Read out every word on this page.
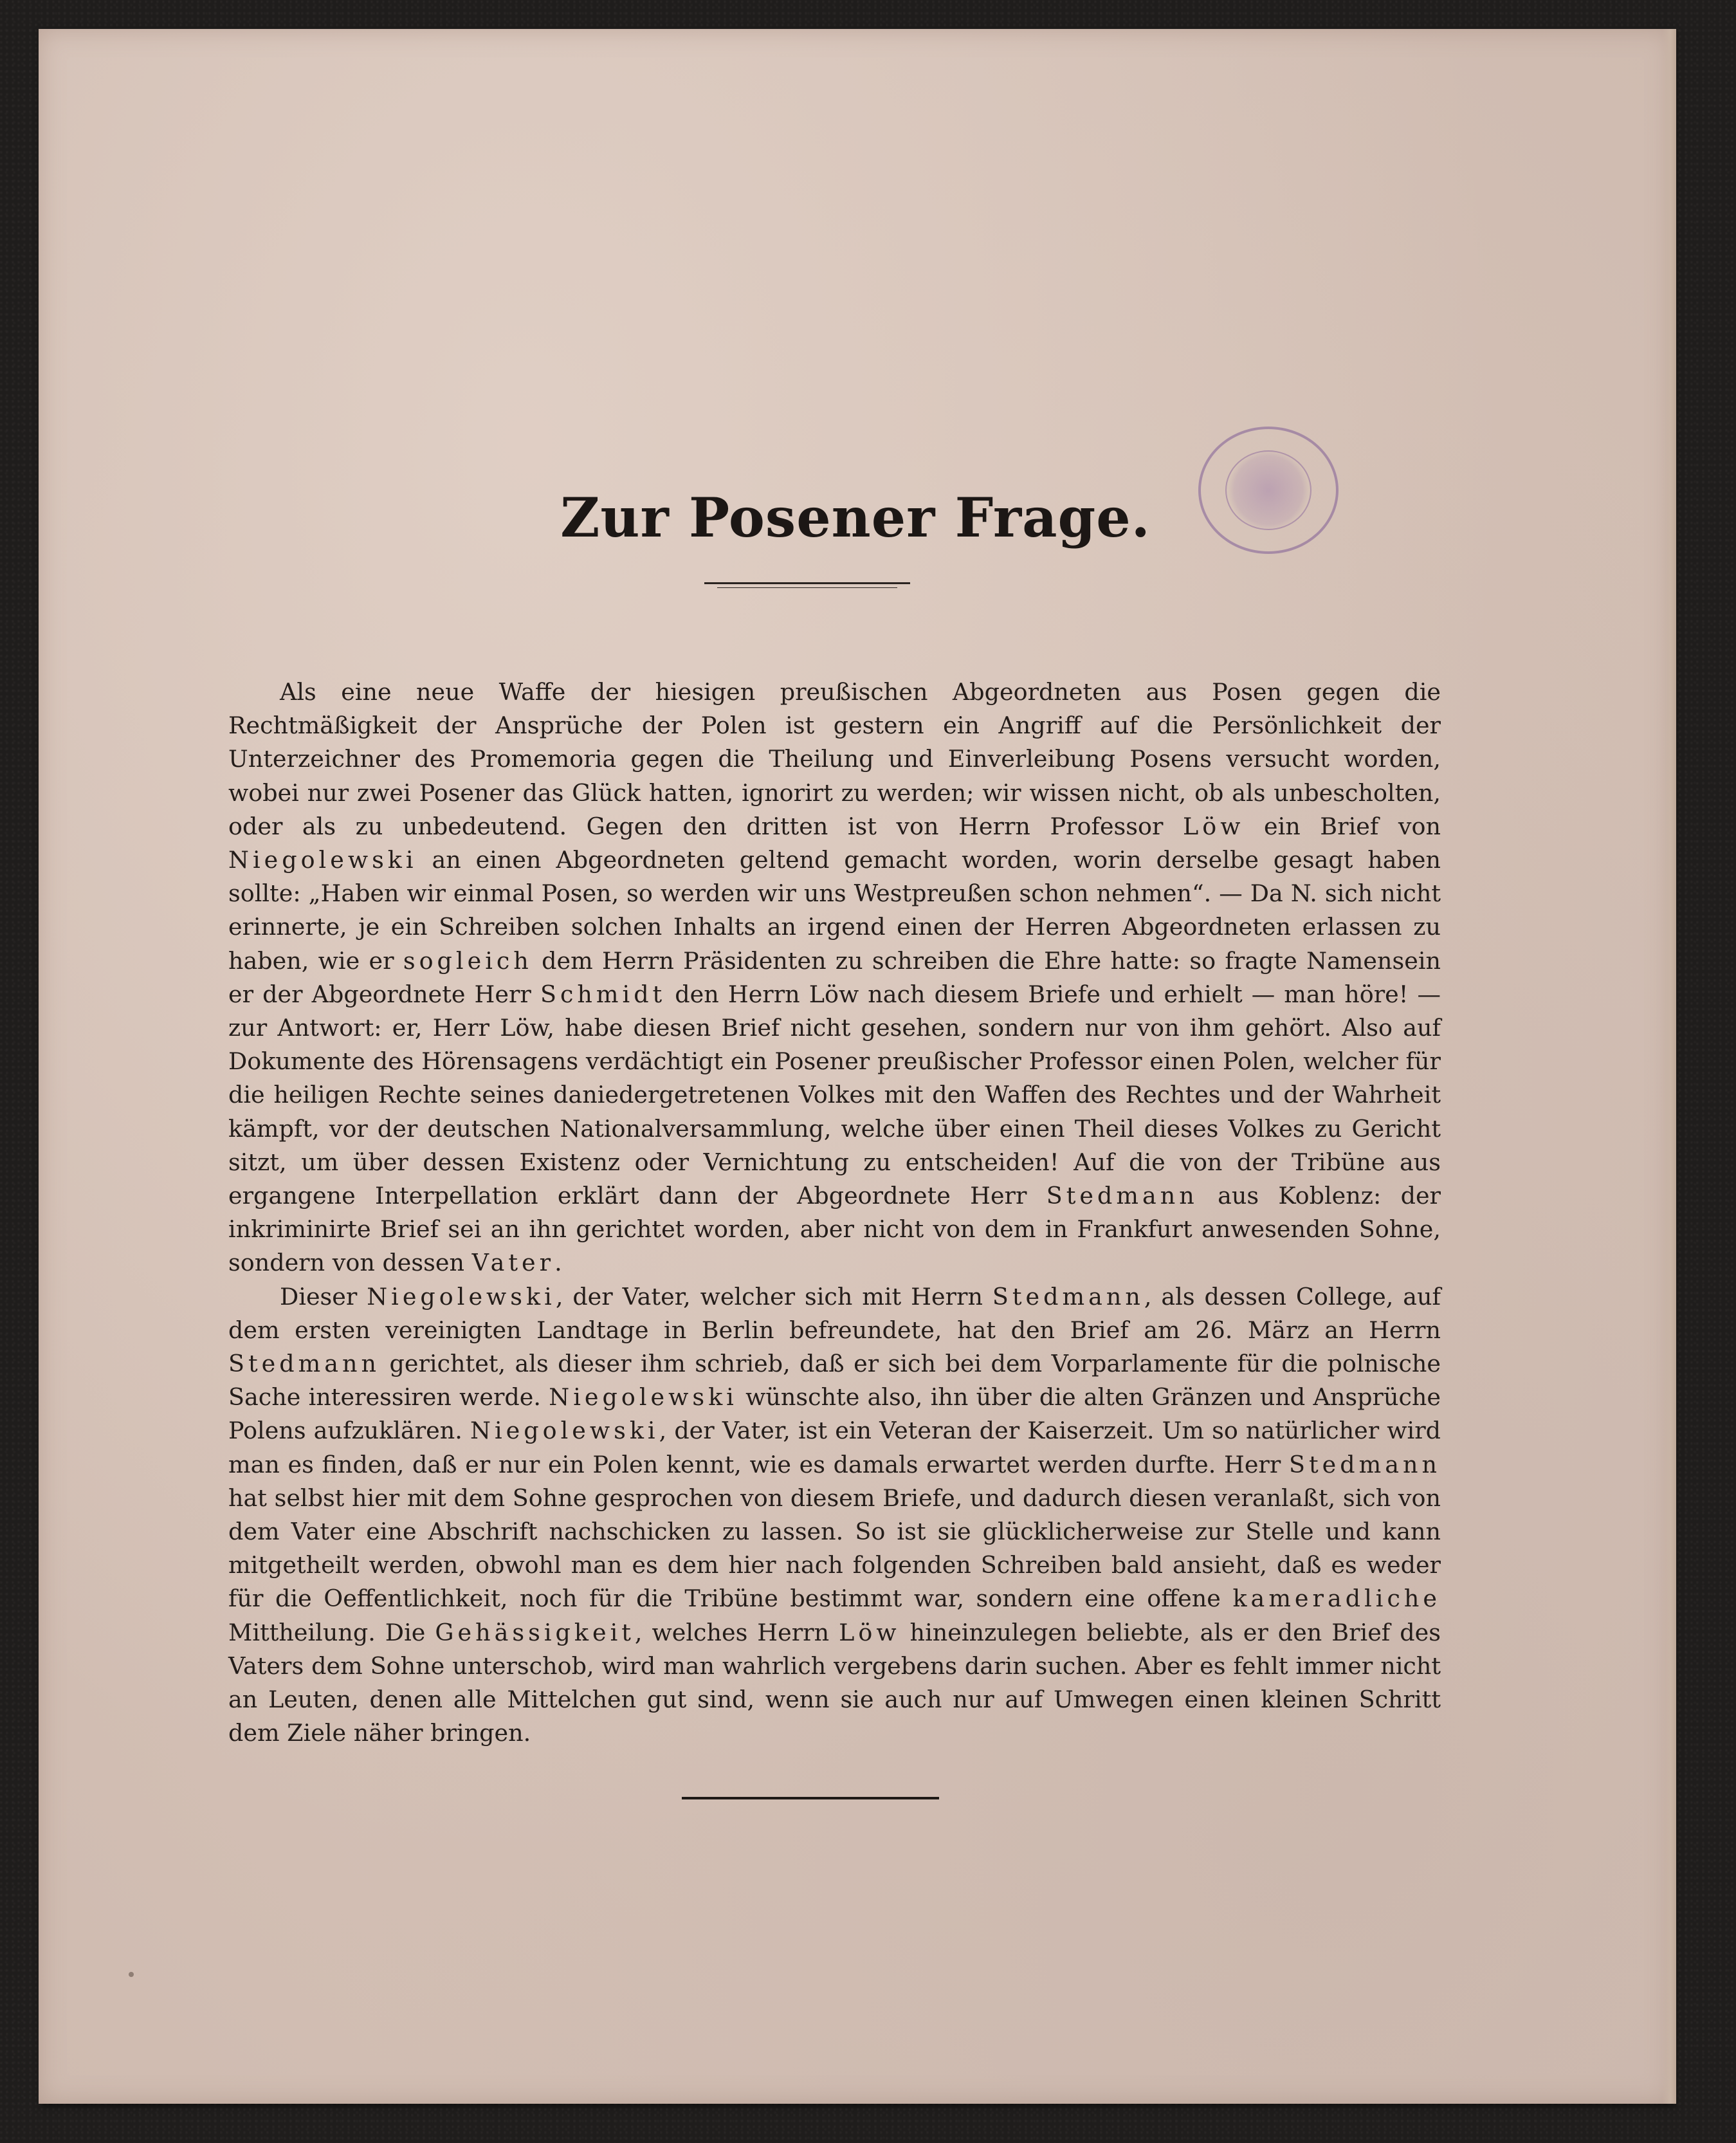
Zur Posener Frage.

Als eine neue Waffe der hiesigen preußischen Abgeordneten aus Posen gegen die Rechtmäßigkeit der Ansprüche der Polen ist gestern ein Angriff auf die Persönlichkeit der Unterzeichner des Promemoria gegen die Theilung und Einverleibung Posens versucht worden, wobei nur zwei Posener das Glück hatten, ignorirt zu werden; wir wissen nicht, ob als unbescholten, oder als zu unbedeutend. Gegen den dritten ist von Herrn Professor Löw ein Brief von Niegolewski an einen Abgeordneten geltend gemacht worden, worin derselbe gesagt haben sollte: „Haben wir einmal Posen, so werden wir uns Westpreußen schon nehmen“. — Da N. sich nicht erinnerte, je ein Schreiben solchen Inhalts an irgend einen der Herren Abgeordneten erlassen zu haben, wie er sogleich dem Herrn Präsidenten zu schreiben die Ehre hatte: so fragte Namensein er der Abgeordnete Herr Schmidt den Herrn Löw nach diesem Briefe und erhielt — man höre! — zur Antwort: er, Herr Löw, habe diesen Brief nicht gesehen, sondern nur von ihm gehört. Also auf Dokumente des Hörensagens verdächtigt ein Posener preußischer Professor einen Polen, welcher für die heiligen Rechte seines daniedergetretenen Volkes mit den Waffen des Rechtes und der Wahrheit kämpft, vor der deutschen Nationalversammlung, welche über einen Theil dieses Volkes zu Gericht sitzt, um über dessen Existenz oder Vernichtung zu entscheiden! Auf die von der Tribüne aus ergangene Interpellation erklärt dann der Abgeordnete Herr Stedmann aus Koblenz: der inkriminirte Brief sei an ihn gerichtet worden, aber nicht von dem in Frankfurt anwesenden Sohne, sondern von dessen Vater.

Dieser Niegolewski, der Vater, welcher sich mit Herrn Stedmann, als dessen College, auf dem ersten vereinigten Landtage in Berlin befreundete, hat den Brief am 26. März an Herrn Stedmann gerichtet, als dieser ihm schrieb, daß er sich bei dem Vorparlamente für die polnische Sache interessiren werde. Niegolewski wünschte also, ihn über die alten Gränzen und Ansprüche Polens aufzuklären. Niegolewski, der Vater, ist ein Veteran der Kaiserzeit. Um so natürlicher wird man es finden, daß er nur ein Polen kennt, wie es damals erwartet werden durfte. Herr Stedmann hat selbst hier mit dem Sohne gesprochen von diesem Briefe, und dadurch diesen veranlaßt, sich von dem Vater eine Abschrift nachschicken zu lassen. So ist sie glücklicherweise zur Stelle und kann mitgetheilt werden, obwohl man es dem hier nach folgenden Schreiben bald ansieht, daß es weder für die Oeffentlichkeit, noch für die Tribüne bestimmt war, sondern eine offene kameradliche Mittheilung. Die Gehässigkeit, welches Herrn Löw hineinzulegen beliebte, als er den Brief des Vaters dem Sohne unterschob, wird man wahrlich vergebens darin suchen. Aber es fehlt immer nicht an Leuten, denen alle Mittelchen gut sind, wenn sie auch nur auf Umwegen einen kleinen Schritt dem Ziele näher bringen.
